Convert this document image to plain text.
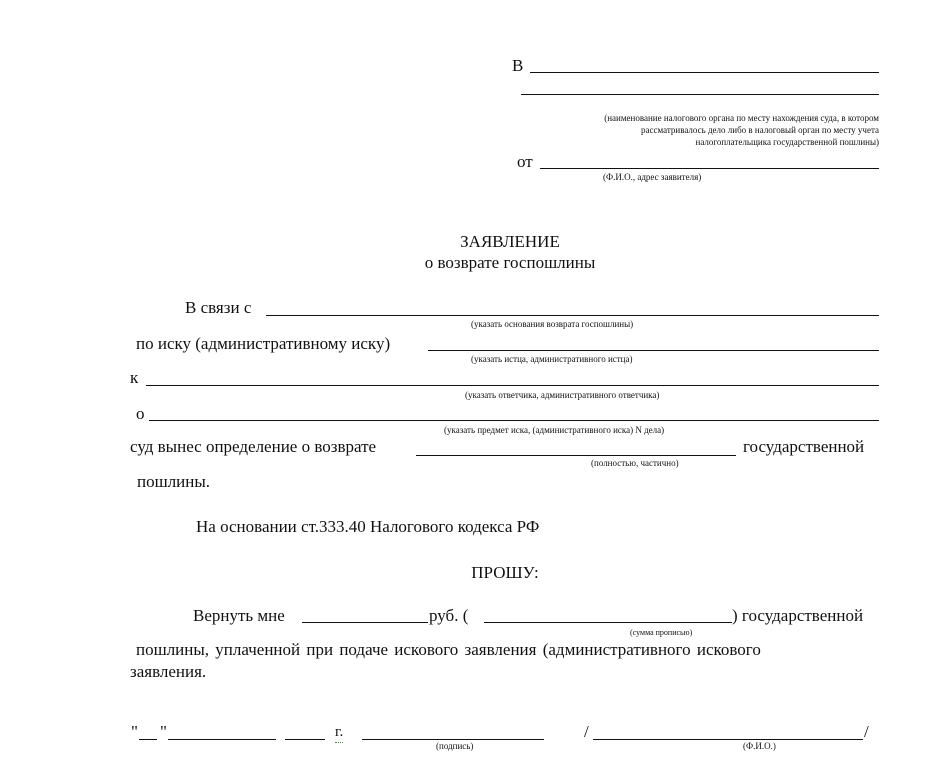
В
(наименование налогового органа по месту нахождения суда, в котором
рассматривалось дело либо в налоговый орган по месту учета
налогоплательщика государственной пошлины)
от
(Ф.И.О., адрес заявителя)
ЗАЯВЛЕНИЕ
о возврате госпошлины
В связи с
(указать основания возврата госпошлины)
по иску (административному иску)
(указать истца, административного истца)
к
(указать ответчика, административного ответчика)
о
(указать предмет иска, (административного иска) N дела)
суд вынес определение о возврате	государственной
(полностью, частично)
пошлины.
На основании ст.333.40 Налогового кодекса РФ
ПРОШУ:
Вернуть мне	руб. (	) государственной
(сумма прописью)
пошлины, уплаченной при подаче искового заявления (административного искового
заявления.
" "	г.
(подпись)
/	/
(Ф.И.О.)
